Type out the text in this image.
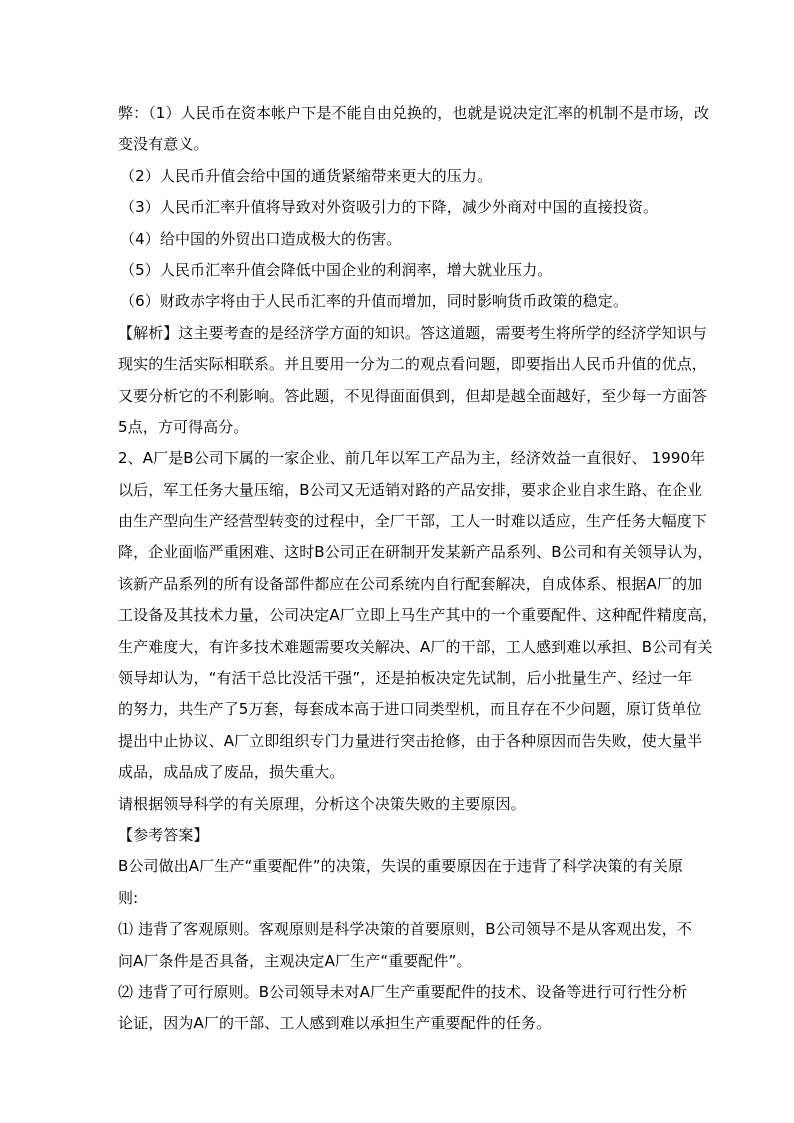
弊：（1）人民币在资本帐户下是不能自由兑换的，也就是说决定汇率的机制不是市场，改
变没有意义。
（2）人民币升值会给中国的通货紧缩带来更大的压力。
（3）人民币汇率升值将导致对外资吸引力的下降，减少外商对中国的直接投资。
（4）给中国的外贸出口造成极大的伤害。
（5）人民币汇率升值会降低中国企业的利润率，增大就业压力。
（6）财政赤字将由于人民币汇率的升值而增加，同时影响货币政策的稳定。
【解析】这主要考查的是经济学方面的知识。答这道题，需要考生将所学的经济学知识与
现实的生活实际相联系。并且要用一分为二的观点看问题，即要指出人民币升值的优点，
又要分析它的不利影响。答此题，不见得面面俱到，但却是越全面越好，至少每一方面答
5点，方可得高分。
2、A厂是B公司下属的一家企业、前几年以军工产品为主，经济效益一直很好、 1990年
以后，军工任务大量压缩，B公司又无适销对路的产品安排，要求企业自求生路、在企业
由生产型向生产经营型转变的过程中，全厂干部，工人一时难以适应，生产任务大幅度下
降，企业面临严重困难、这时B公司正在研制开发某新产品系列、B公司和有关领导认为，
该新产品系列的所有设备部件都应在公司系统内自行配套解决，自成体系、根据A厂的加
工设备及其技术力量，公司决定A厂立即上马生产其中的一个重要配件、这种配件精度高，
生产难度大，有许多技术难题需要攻关解决、A厂的干部，工人感到难以承担、B公司有关
领导却认为，“有活干总比没活干强”，还是拍板决定先试制，后小批量生产、经过一年
的努力，共生产了5万套，每套成本高于进口同类型机，而且存在不少问题，原订货单位
提出中止协议、A厂立即组织专门力量进行突击抢修，由于各种原因而告失败，使大量半
成品，成品成了废品，损失重大。
请根据领导科学的有关原理，分析这个决策失败的主要原因。
【参考答案】
B公司做出A厂生产“重要配件”的决策，失误的重要原因在于违背了科学决策的有关原
则:
⑴ 违背了客观原则。客观原则是科学决策的首要原则，B公司领导不是从客观出发，不
问A厂条件是否具备，主观决定A厂生产“重要配件”。
⑵ 违背了可行原则。B公司领导未对A厂生产重要配件的技术、设备等进行可行性分析
论证，因为A厂的干部、工人感到难以承担生产重要配件的任务。
